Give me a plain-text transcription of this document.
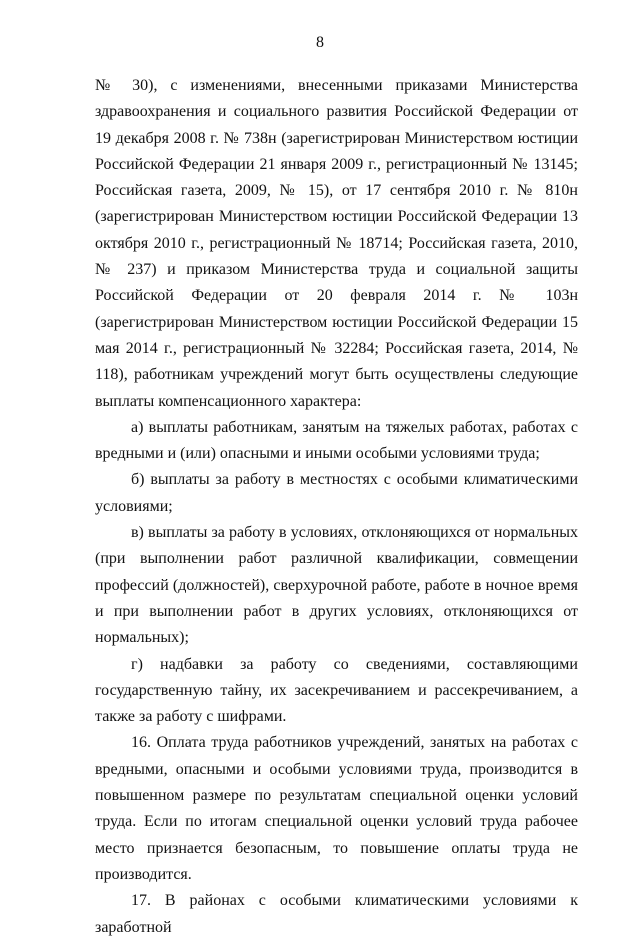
8

№ 30), с изменениями, внесенными приказами Министерства здравоохранения и социального развития Российской Федерации от 19 декабря 2008 г. № 738н (зарегистрирован Министерством юстиции Российской Федерации 21 января 2009 г., регистрационный № 13145; Российская газета, 2009, № 15), от 17 сентября 2010 г. № 810н (зарегистрирован Министерством юстиции Российской Федерации 13 октября 2010 г., регистрационный № 18714; Российская газета, 2010, № 237) и приказом Министерства труда и социальной защиты Российской Федерации от 20 февраля 2014 г. № 103н (зарегистрирован Министерством юстиции Российской Федерации 15 мая 2014 г., регистрационный № 32284; Российская газета, 2014, № 118), работникам учреждений могут быть осуществлены следующие выплаты компенсационного характера:

а) выплаты работникам, занятым на тяжелых работах, работах с вредными и (или) опасными и иными особыми условиями труда;

б) выплаты за работу в местностях с особыми климатическими условиями;

в) выплаты за работу в условиях, отклоняющихся от нормальных (при выполнении работ различной квалификации, совмещении профессий (должностей), сверхурочной работе, работе в ночное время и при выполнении работ в других условиях, отклоняющихся от нормальных);

г) надбавки за работу со сведениями, составляющими государственную тайну, их засекречиванием и рассекречиванием, а также за работу с шифрами.

16. Оплата труда работников учреждений, занятых на работах с вредными, опасными и особыми условиями труда, производится в повышенном размере по результатам специальной оценки условий труда. Если по итогам специальной оценки условий труда рабочее место признается безопасным, то повышение оплаты труда не производится.

17. В районах с особыми климатическими условиями к заработной
